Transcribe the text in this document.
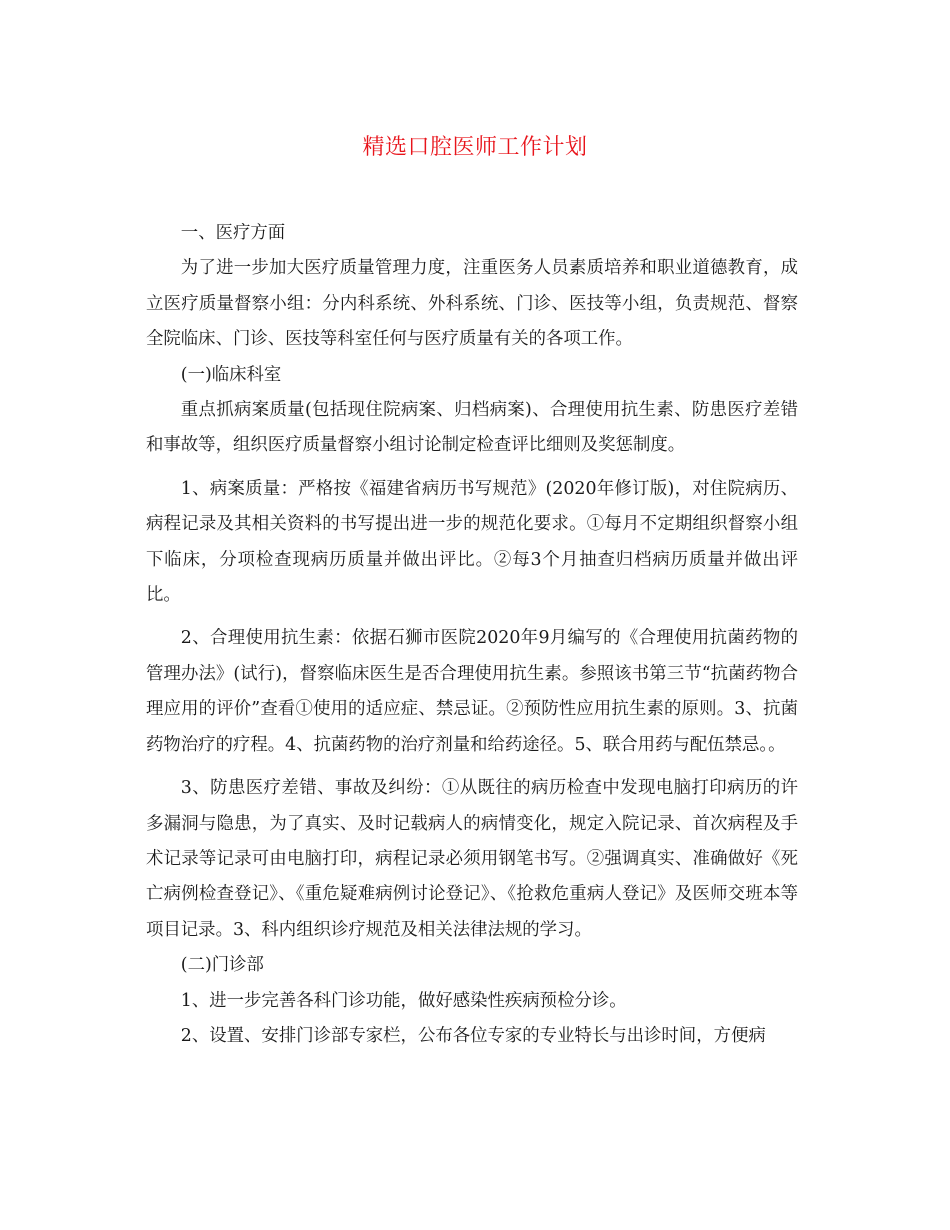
精选口腔医师工作计划

一、医疗方面

为了进一步加大医疗质量管理力度，注重医务人员素质培养和职业道德教育，成立医疗质量督察小组：分内科系统、外科系统、门诊、医技等小组，负责规范、督察全院临床、门诊、医技等科室任何与医疗质量有关的各项工作。

(一)临床科室

重点抓病案质量(包括现住院病案、归档病案)、合理使用抗生素、防患医疗差错和事故等，组织医疗质量督察小组讨论制定检查评比细则及奖惩制度。

1、病案质量：严格按《福建省病历书写规范》(2020年修订版)，对住院病历、病程记录及其相关资料的书写提出进一步的规范化要求。①每月不定期组织督察小组下临床，分项检查现病历质量并做出评比。②每3个月抽查归档病历质量并做出评比。

2、合理使用抗生素：依据石狮市医院2020年9月编写的《合理使用抗菌药物的管理办法》(试行)，督察临床医生是否合理使用抗生素。参照该书第三节“抗菌药物合理应用的评价”查看①使用的适应症、禁忌证。②预防性应用抗生素的原则。3、抗菌药物治疗的疗程。4、抗菌药物的治疗剂量和给药途径。5、联合用药与配伍禁忌。。

3、防患医疗差错、事故及纠纷：①从既往的病历检查中发现电脑打印病历的许多漏洞与隐患，为了真实、及时记载病人的病情变化，规定入院记录、首次病程及手术记录等记录可由电脑打印，病程记录必须用钢笔书写。②强调真实、准确做好《死亡病例检查登记》、《重危疑难病例讨论登记》、《抢救危重病人登记》及医师交班本等项目记录。3、科内组织诊疗规范及相关法律法规的学习。

(二)门诊部

1、进一步完善各科门诊功能，做好感染性疾病预检分诊。

2、设置、安排门诊部专家栏，公布各位专家的专业特长与出诊时间，方便病
